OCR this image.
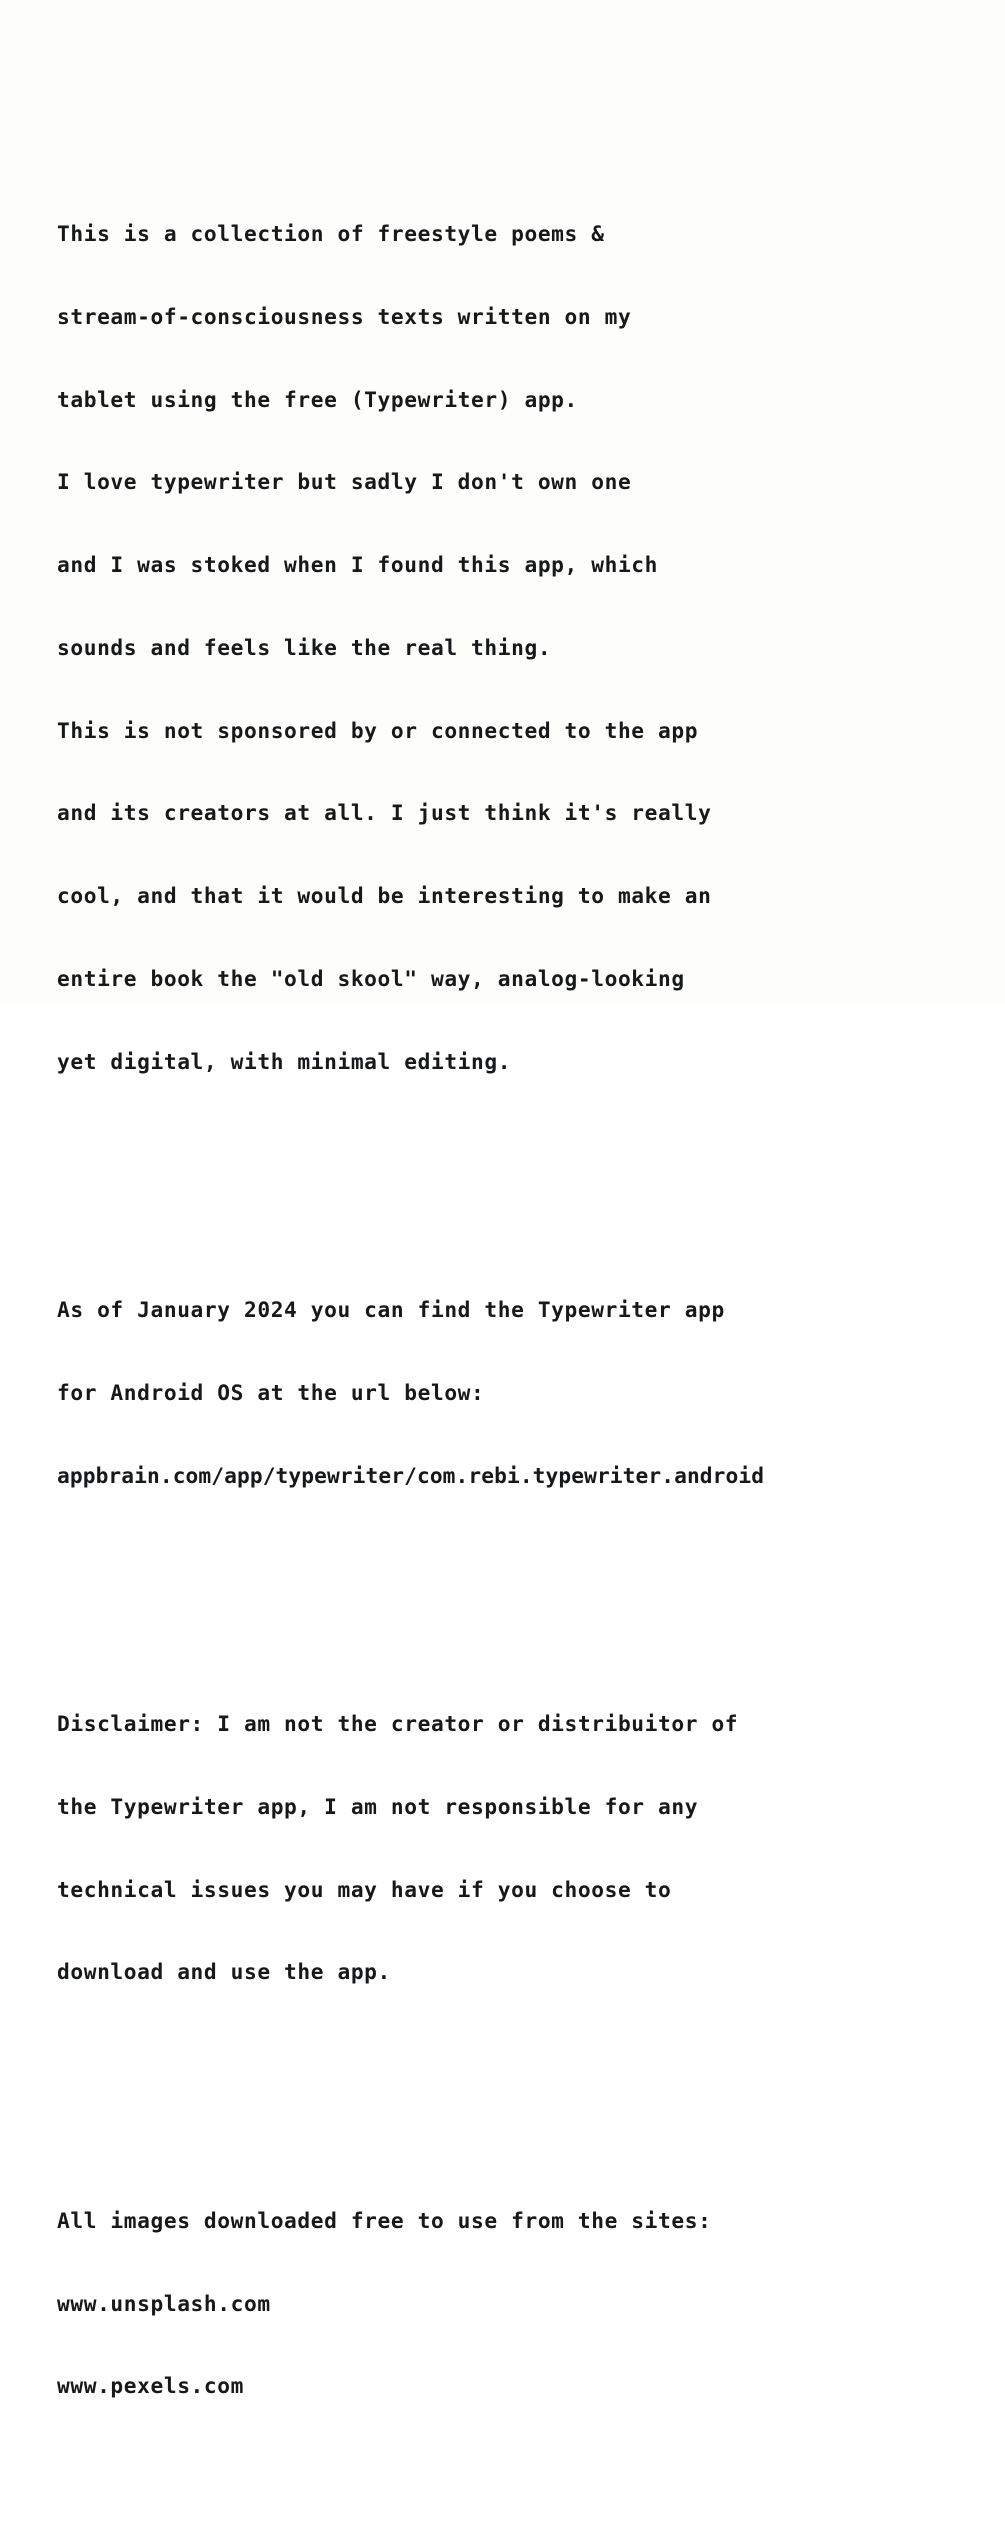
This is a collection of freestyle poems &

stream-of-consciousness texts written on my

tablet using the free (Typewriter) app.

I love typewriter but sadly I don't own one

and I was stoked when I found this app, which

sounds and feels like the real thing.

This is not sponsored by or connected to the app

and its creators at all. I just think it's really

cool, and that it would be interesting to make an

entire book the "old skool" way, analog-looking

yet digital, with minimal editing.

As of January 2024 you can find the Typewriter app

for Android OS at the url below:

appbrain.com/app/typewriter/com.rebi.typewriter.android

Disclaimer: I am not the creator or distribuitor of

the Typewriter app, I am not responsible for any

technical issues you may have if you choose to

download and use the app.

All images downloaded free to use from the sites:

www.unsplash.com

www.pexels.com
